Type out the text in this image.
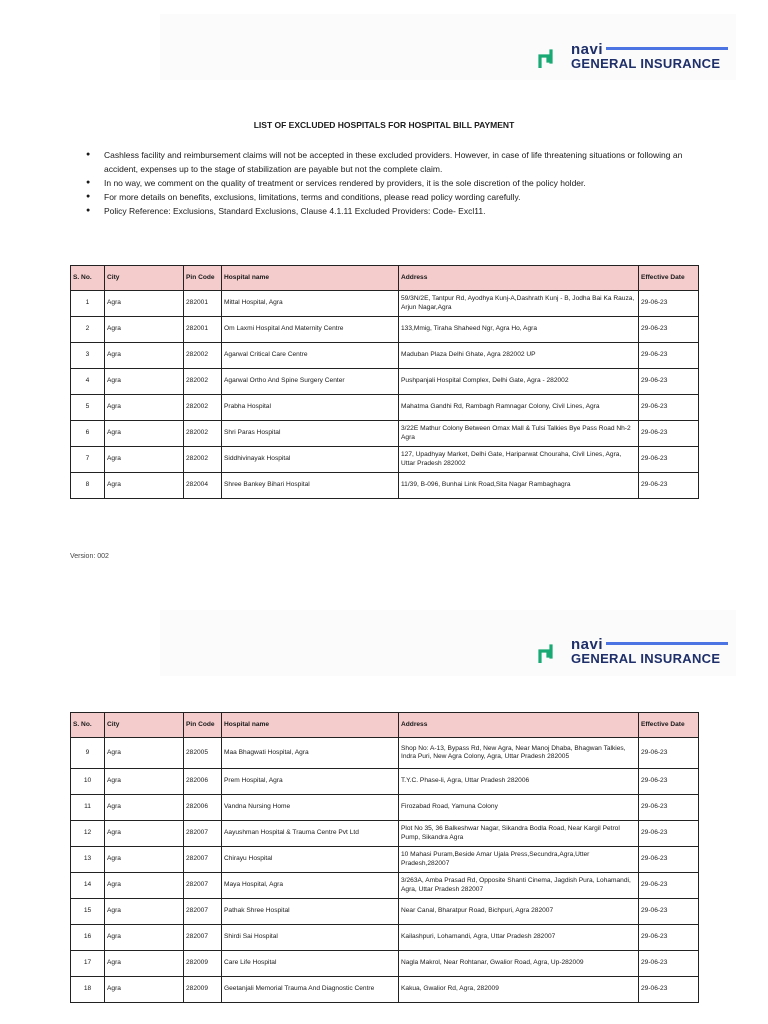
navi
GENERAL INSURANCE
LIST OF EXCLUDED HOSPITALS FOR HOSPITAL BILL PAYMENT
● Cashless facility and reimbursement claims will not be accepted in these excluded providers. However, in case of life threatening situations or following an accident, expenses up to the stage of stabilization are payable but not the complete claim.
● In no way, we comment on the quality of treatment or services rendered by providers, it is the sole discretion of the policy holder.
● For more details on benefits, exclusions, limitations, terms and conditions, please read policy wording carefully.
● Policy Reference: Exclusions, Standard Exclusions, Clause 4.1.11 Excluded Providers: Code- Excl11.
S. No.	City	Pin Code	Hospital name	Address	Effective Date
1	Agra	282001	Mittal Hospital, Agra	59/3N/2E, Tantpur Rd, Ayodhya Kunj-A,Dashrath Kunj - B, Jodha Bai Ka Rauza, Arjun Nagar,Agra	29-06-23
2	Agra	282001	Om Laxmi Hospital And Maternity Centre	133,Mmig, Tiraha Shaheed Ngr, Agra Ho, Agra	29-06-23
3	Agra	282002	Agarwal Critical Care Centre	Maduban Plaza Delhi Ghate, Agra 282002 UP	29-06-23
4	Agra	282002	Agarwal Ortho And Spine Surgery Center	Pushpanjali Hospital Complex, Delhi Gate, Agra - 282002	29-06-23
5	Agra	282002	Prabha Hospital	Mahatma Gandhi Rd, Rambagh Ramnagar Colony, Civil Lines, Agra	29-06-23
6	Agra	282002	Shri Paras Hospital	3/22E Mathur Colony Between Omax Mall & Tulsi Talkies Bye Pass Road Nh-2 Agra	29-06-23
7	Agra	282002	Siddhivinayak Hospital	127, Upadhyay Market, Delhi Gate, Hariparwat Chouraha, Civil Lines, Agra, Uttar Pradesh 282002	29-06-23
8	Agra	282004	Shree Bankey Bihari Hospital	11/39, B-096, Bunhai Link Road,Sita Nagar Rambaghagra	29-06-23
Version: 002
navi
GENERAL INSURANCE
S. No.	City	Pin Code	Hospital name	Address	Effective Date
9	Agra	282005	Maa Bhagwati Hospital, Agra	Shop No: A-13, Bypass Rd, New Agra, Near Manoj Dhaba, Bhagwan Talkies, Indra Puri, New Agra Colony, Agra, Uttar Pradesh 282005	29-06-23
10	Agra	282006	Prem Hospital, Agra	T.Y.C. Phase-li, Agra, Uttar Pradesh 282006	29-06-23
11	Agra	282006	Vandna Nursing Home	Firozabad Road, Yamuna Colony	29-06-23
12	Agra	282007	Aayushman Hospital & Trauma Centre Pvt Ltd	Plot No 35, 36 Balkeshwar Nagar, Sikandra Bodla Road, Near Kargil Petrol Pump, Sikandra Agra	29-06-23
13	Agra	282007	Chirayu Hospital	10 Mahasi Puram,Beside Amar Ujala Press,Secundra,Agra,Utter Pradesh,282007	29-06-23
14	Agra	282007	Maya Hospital, Agra	3/263A, Amba Prasad Rd, Opposite Shanti Cinema, Jagdish Pura, Lohamandi, Agra, Uttar Pradesh 282007	29-06-23
15	Agra	282007	Pathak Shree Hospital	Near Canal, Bharatpur Road, Bichpuri, Agra 282007	29-06-23
16	Agra	282007	Shirdi Sai Hospital	Kailashpuri, Lohamandi, Agra, Uttar Pradesh 282007	29-06-23
17	Agra	282009	Care Life Hospital	Nagla Makrol, Near Rohtanar, Gwalior Road, Agra, Up-282009	29-06-23
18	Agra	282009	Geetanjali Memorial Trauma And Diagnostic Centre	Kakua, Gwalior Rd, Agra, 282009	29-06-23
